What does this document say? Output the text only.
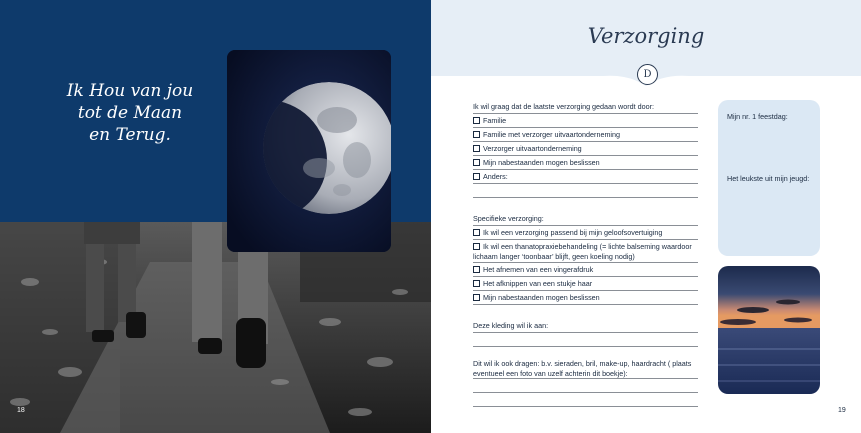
Ik Hou van jou
tot de Maan
en Terug.
18
Verzorging
D
Ik wil graag dat de laatste verzorging gedaan wordt door:
Familie
Familie met verzorger uitvaartonderneming
Verzorger uitvaartonderneming
Mijn nabestaanden mogen beslissen
Anders:
Specifieke verzorging:
Ik wil een verzorging passend bij mijn geloofsovertuiging
Ik wil een thanatopraxiebehandeling (= lichte balseming waardoor lichaam langer ‘toonbaar’ blijft, geen koeling nodig)
Het afnemen van een vingerafdruk
Het afknippen van een stukje haar
Mijn nabestaanden mogen beslissen
Deze kleding wil ik aan:
Dit wil ik ook dragen: b.v. sieraden, bril, make-up, haardracht ( plaats eventueel een foto van uzelf achterin dit boekje):
Mijn nr. 1 feestdag:
Het leukste uit mijn jeugd:
19
